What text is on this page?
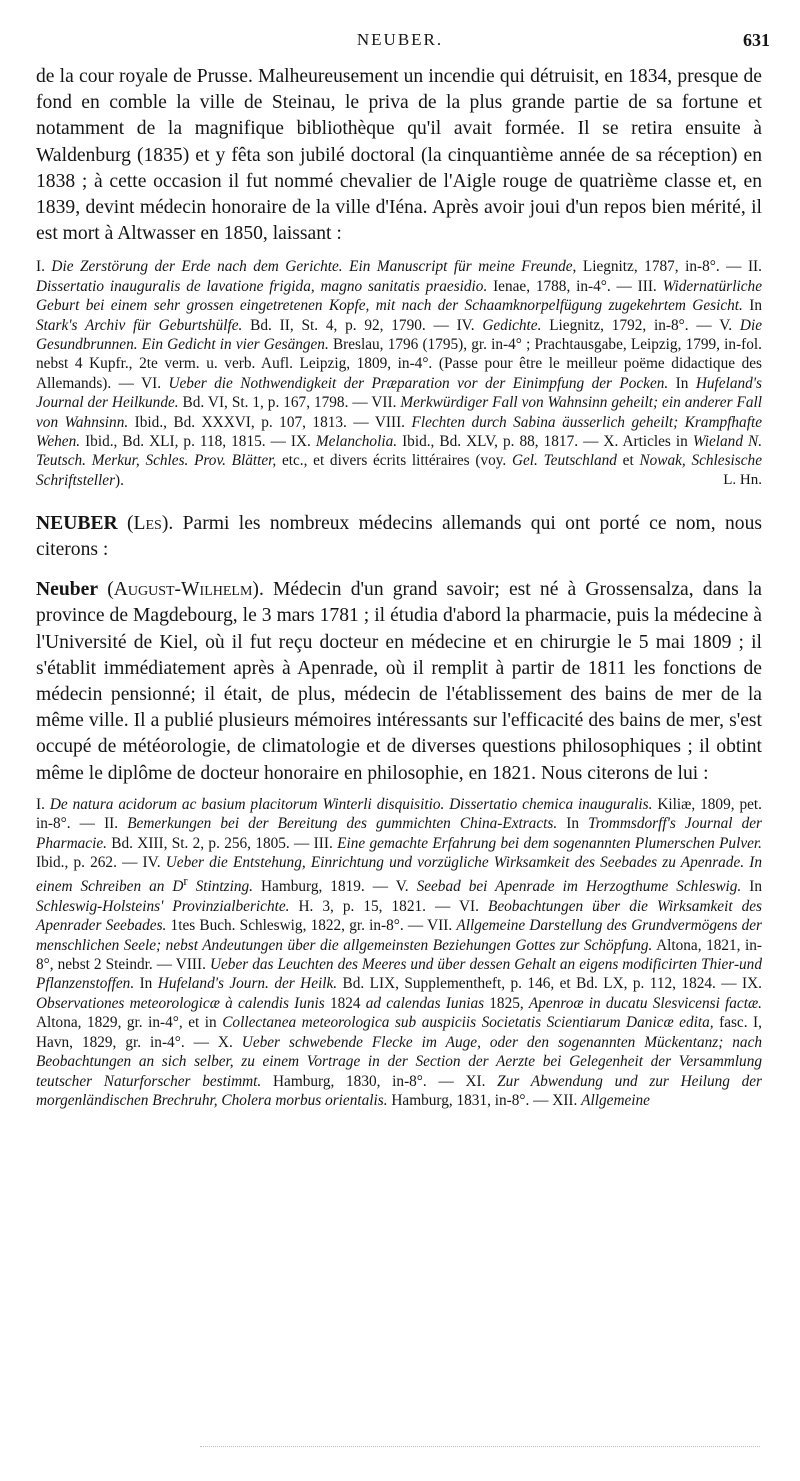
NEUBER.	631

de la cour royale de Prusse. Malheureusement un incendie qui détruisit, en 1834, presque de fond en comble la ville de Steinau, le priva de la plus grande partie de sa fortune et notamment de la magnifique bibliothèque qu'il avait formée. Il se retira ensuite à Waldenburg (1835) et y fêta son jubilé doctoral (la cinquantième année de sa réception) en 1838 ; à cette occasion il fut nommé chevalier de l'Aigle rouge de quatrième classe et, en 1839, devint médecin honoraire de la ville d'Iéna. Après avoir joui d'un repos bien mérité, il est mort à Altwasser en 1850, laissant :

I. Die Zerstörung der Erde nach dem Gerichte. Ein Manuscript für meine Freunde, Liegnitz, 1787, in-8°. — II. Dissertatio inauguralis de lavatione frigida, magno sanitatis praesidio. Ienae, 1788, in-4°. — III. Widernatürliche Geburt bei einem sehr grossen eingetretenen Kopfe, mit nach der Schaamknorpelfügung zugekehrtem Gesicht. In Stark's Archiv für Geburtshülfe. Bd. II, St. 4, p. 92, 1790. — IV. Gedichte. Liegnitz, 1792, in-8°. — V. Die Gesundbrunnen. Ein Gedicht in vier Gesängen. Breslau, 1796 (1795), gr. in-4° ; Prachtausgabe, Leipzig, 1799, in-fol. nebst 4 Kupfr., 2te verm. u. verb. Aufl. Leipzig, 1809, in-4°. (Passe pour être le meilleur poëme didactique des Allemands). — VI. Ueber die Nothwendigkeit der Præparation vor der Einimpfung der Pocken. In Hufeland's Journal der Heilkunde. Bd. VI, St. 1, p. 167, 1798. — VII. Merkwürdiger Fall von Wahnsinn geheilt; ein anderer Fall von Wahnsinn. Ibid., Bd. XXXVI, p. 107, 1813. — VIII. Flechten durch Sabina äusserlich geheilt; Krampfhafte Wehen. Ibid., Bd. XLI, p. 118, 1815. — IX. Melancholia. Ibid., Bd. XLV, p. 88, 1817. — X. Articles in Wieland N. Teutsch. Merkur, Schles. Prov. Blätter, etc., et divers écrits littéraires (voy. Gel. Teutschland et Nowak, Schlesische Schriftsteller).	L. Hn.

NEUBER (Les). Parmi les nombreux médecins allemands qui ont porté ce nom, nous citerons :

Neuber (August-Wilhelm). Médecin d'un grand savoir; est né à Grossensalza, dans la province de Magdebourg, le 3 mars 1781 ; il étudia d'abord la pharmacie, puis la médecine à l'Université de Kiel, où il fut reçu docteur en médecine et en chirurgie le 5 mai 1809 ; il s'établit immédiatement après à Apenrade, où il remplit à partir de 1811 les fonctions de médecin pensionné; il était, de plus, médecin de l'établissement des bains de mer de la même ville. Il a publié plusieurs mémoires intéressants sur l'efficacité des bains de mer, s'est occupé de météorologie, de climatologie et de diverses questions philosophiques ; il obtint même le diplôme de docteur honoraire en philosophie, en 1821. Nous citerons de lui :

I. De natura acidorum ac basium placitorum Winterli disquisitio. Dissertatio chemica inauguralis. Kiliæ, 1809, pet. in-8°. — II. Bemerkungen bei der Bereitung des gummichten China-Extracts. In Trommsdorff's Journal der Pharmacie. Bd. XIII, St. 2, p. 256, 1805. — III. Eine gemachte Erfahrung bei dem sogenannten Plumerschen Pulver. Ibid., p. 262. — IV. Ueber die Entstehung, Einrichtung und vorzügliche Wirksamkeit des Seebades zu Apenrade. In einem Schreiben an $D^r$ Stintzing. Hamburg, 1819. — V. Seebad bei Apenrade im Herzogthume Schleswig. In Schleswig-Holsteins' Provinzialberichte. H. 3, p. 15, 1821. — VI. Beobachtungen über die Wirksamkeit des Apenrader Seebades. 1tes Buch. Schleswig, 1822, gr. in-8°. — VII. Allgemeine Darstellung des Grundvermögens der menschlichen Seele; nebst Andeutungen über die allgemeinsten Beziehungen Gottes zur Schöpfung. Altona, 1821, in-8°, nebst 2 Steindr. — VIII. Ueber das Leuchten des Meeres und über dessen Gehalt an eigens modificirten Thier-und Pflanzenstoffen. In Hufeland's Journ. der Heilk. Bd. LIX, Supplementheft, p. 146, et Bd. LX, p. 112, 1824. — IX. Observationes meteorologicæ à calendis Iunis 1824 ad calendas Iunias 1825, Apenroæ in ducatu Slesvicensi factæ. Altona, 1829, gr. in-4°, et in Collectanea meteorologica sub auspiciis Societatis Scientiarum Danicæ edita, fasc. I, Havn, 1829, gr. in-4°. — X. Ueber schwebende Flecke im Auge, oder den sogenannten Mückentanz; nach Beobachtungen an sich selber, zu einem Vortrage in der Section der Aerzte bei Gelegenheit der Versammlung teutscher Naturforscher bestimmt. Hamburg, 1830, in-8°. — XI. Zur Abwendung und zur Heilung der morgenländischen Brechruhr, Cholera morbus orientalis. Hamburg, 1831, in-8°. — XII. Allgemeine
